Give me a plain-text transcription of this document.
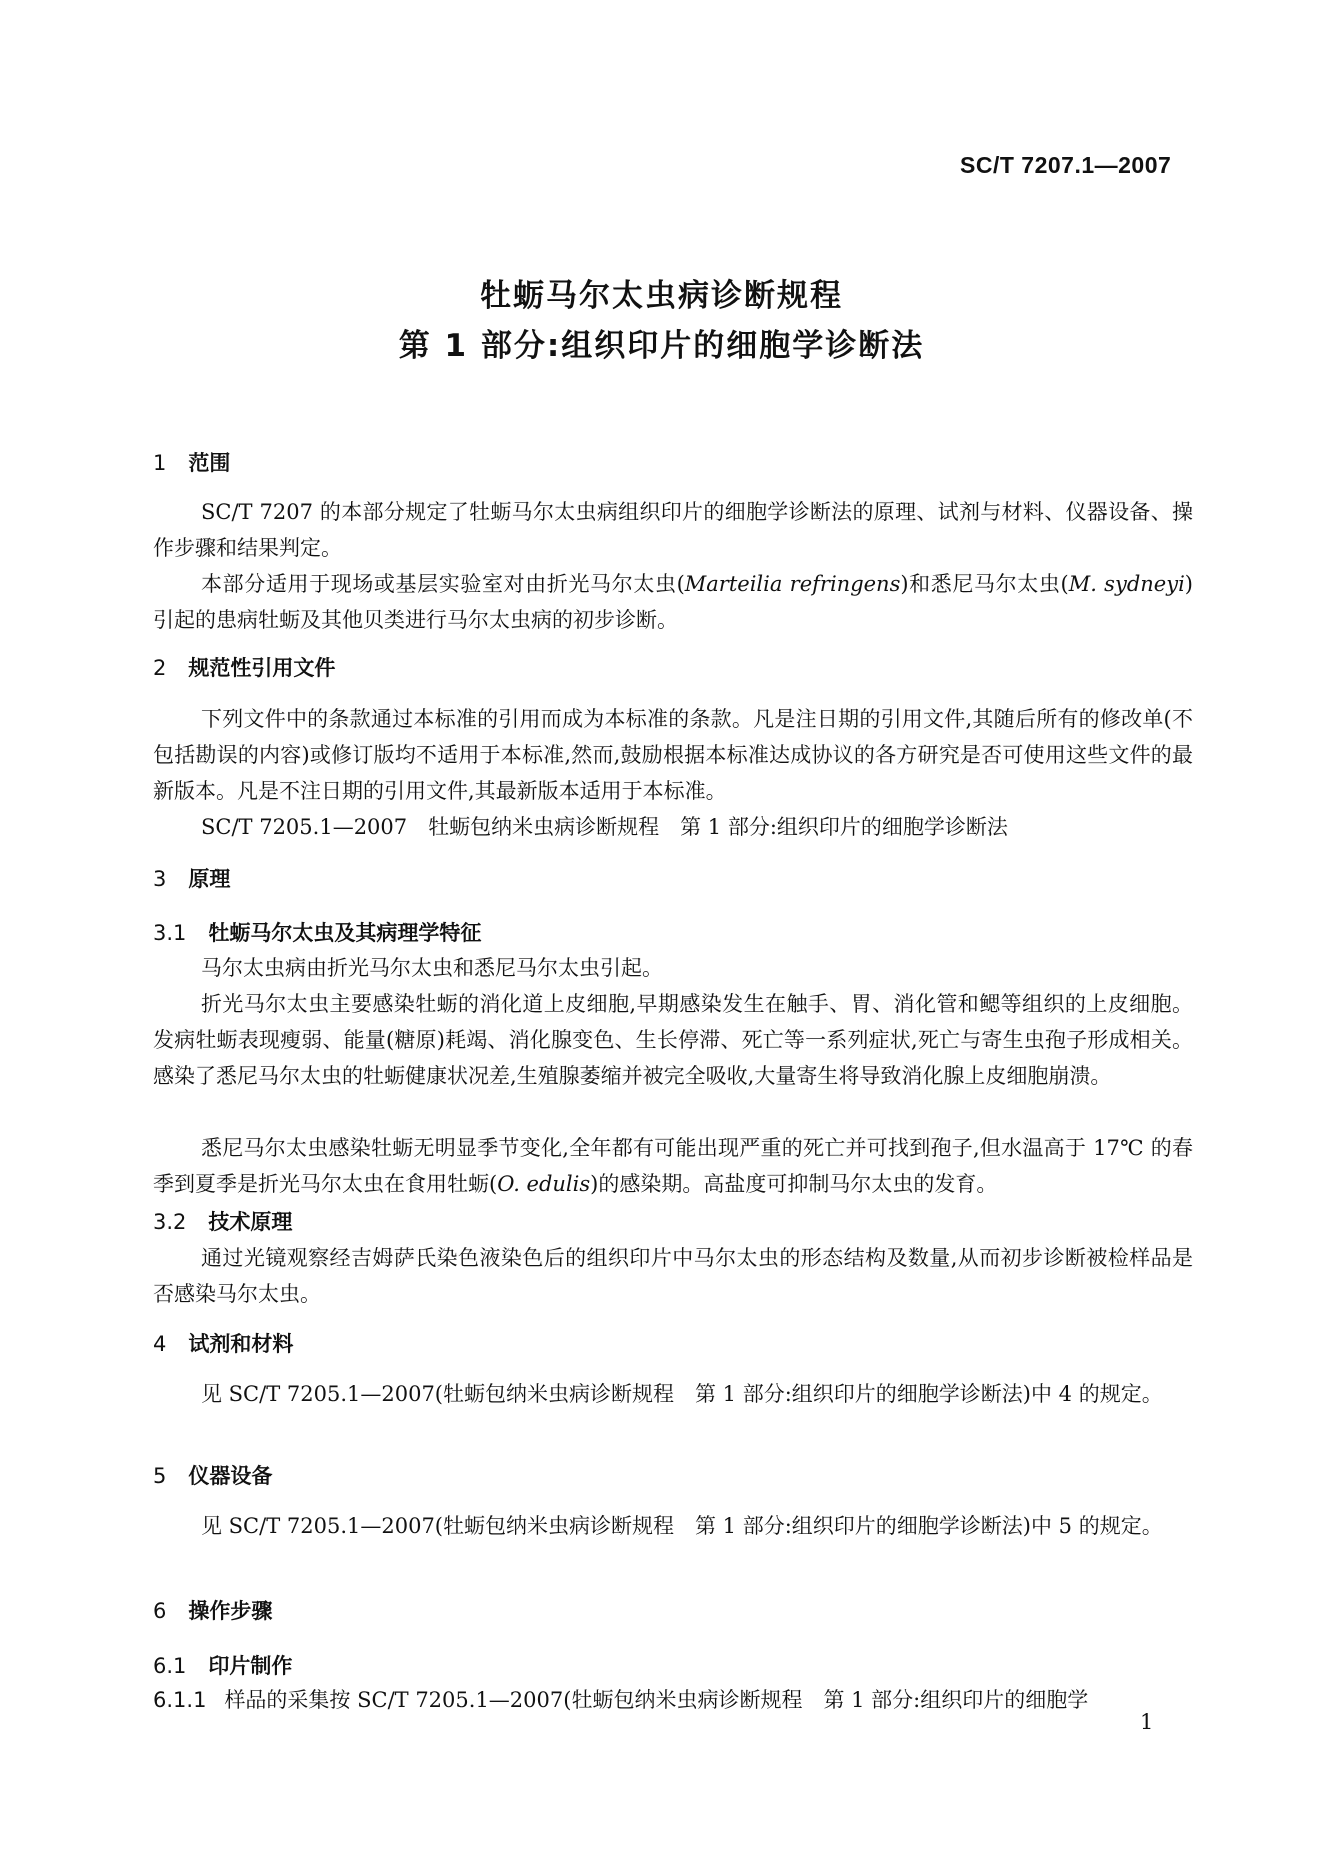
SC/T 7207.1—2007
牡蛎马尔太虫病诊断规程
第 1 部分:组织印片的细胞学诊断法
1 范围
SC/T 7207 的本部分规定了牡蛎马尔太虫病组织印片的细胞学诊断法的原理、试剂与材料、仪器设备、操作步骤和结果判定。
本部分适用于现场或基层实验室对由折光马尔太虫(Marteilia refringens)和悉尼马尔太虫(M. sydneyi)引起的患病牡蛎及其他贝类进行马尔太虫病的初步诊断。
2 规范性引用文件
下列文件中的条款通过本标准的引用而成为本标准的条款。凡是注日期的引用文件,其随后所有的修改单(不包括勘误的内容)或修订版均不适用于本标准,然而,鼓励根据本标准达成协议的各方研究是否可使用这些文件的最新版本。凡是不注日期的引用文件,其最新版本适用于本标准。
SC/T 7205.1—2007　牡蛎包纳米虫病诊断规程　第 1 部分:组织印片的细胞学诊断法
3 原理
3.1 牡蛎马尔太虫及其病理学特征
马尔太虫病由折光马尔太虫和悉尼马尔太虫引起。
折光马尔太虫主要感染牡蛎的消化道上皮细胞,早期感染发生在触手、胃、消化管和鳃等组织的上皮细胞。发病牡蛎表现瘦弱、能量(糖原)耗竭、消化腺变色、生长停滞、死亡等一系列症状,死亡与寄生虫孢子形成相关。感染了悉尼马尔太虫的牡蛎健康状况差,生殖腺萎缩并被完全吸收,大量寄生将导致消化腺上皮细胞崩溃。
悉尼马尔太虫感染牡蛎无明显季节变化,全年都有可能出现严重的死亡并可找到孢子,但水温高于 17℃ 的春季到夏季是折光马尔太虫在食用牡蛎(O. edulis)的感染期。高盐度可抑制马尔太虫的发育。
3.2 技术原理
通过光镜观察经吉姆萨氏染色液染色后的组织印片中马尔太虫的形态结构及数量,从而初步诊断被检样品是否感染马尔太虫。
4 试剂和材料
见 SC/T 7205.1—2007(牡蛎包纳米虫病诊断规程　第 1 部分:组织印片的细胞学诊断法)中 4 的规定。
5 仪器设备
见 SC/T 7205.1—2007(牡蛎包纳米虫病诊断规程　第 1 部分:组织印片的细胞学诊断法)中 5 的规定。
6 操作步骤
6.1 印片制作
6.1.1 样品的采集按 SC/T 7205.1—2007(牡蛎包纳米虫病诊断规程　第 1 部分:组织印片的细胞学
1
